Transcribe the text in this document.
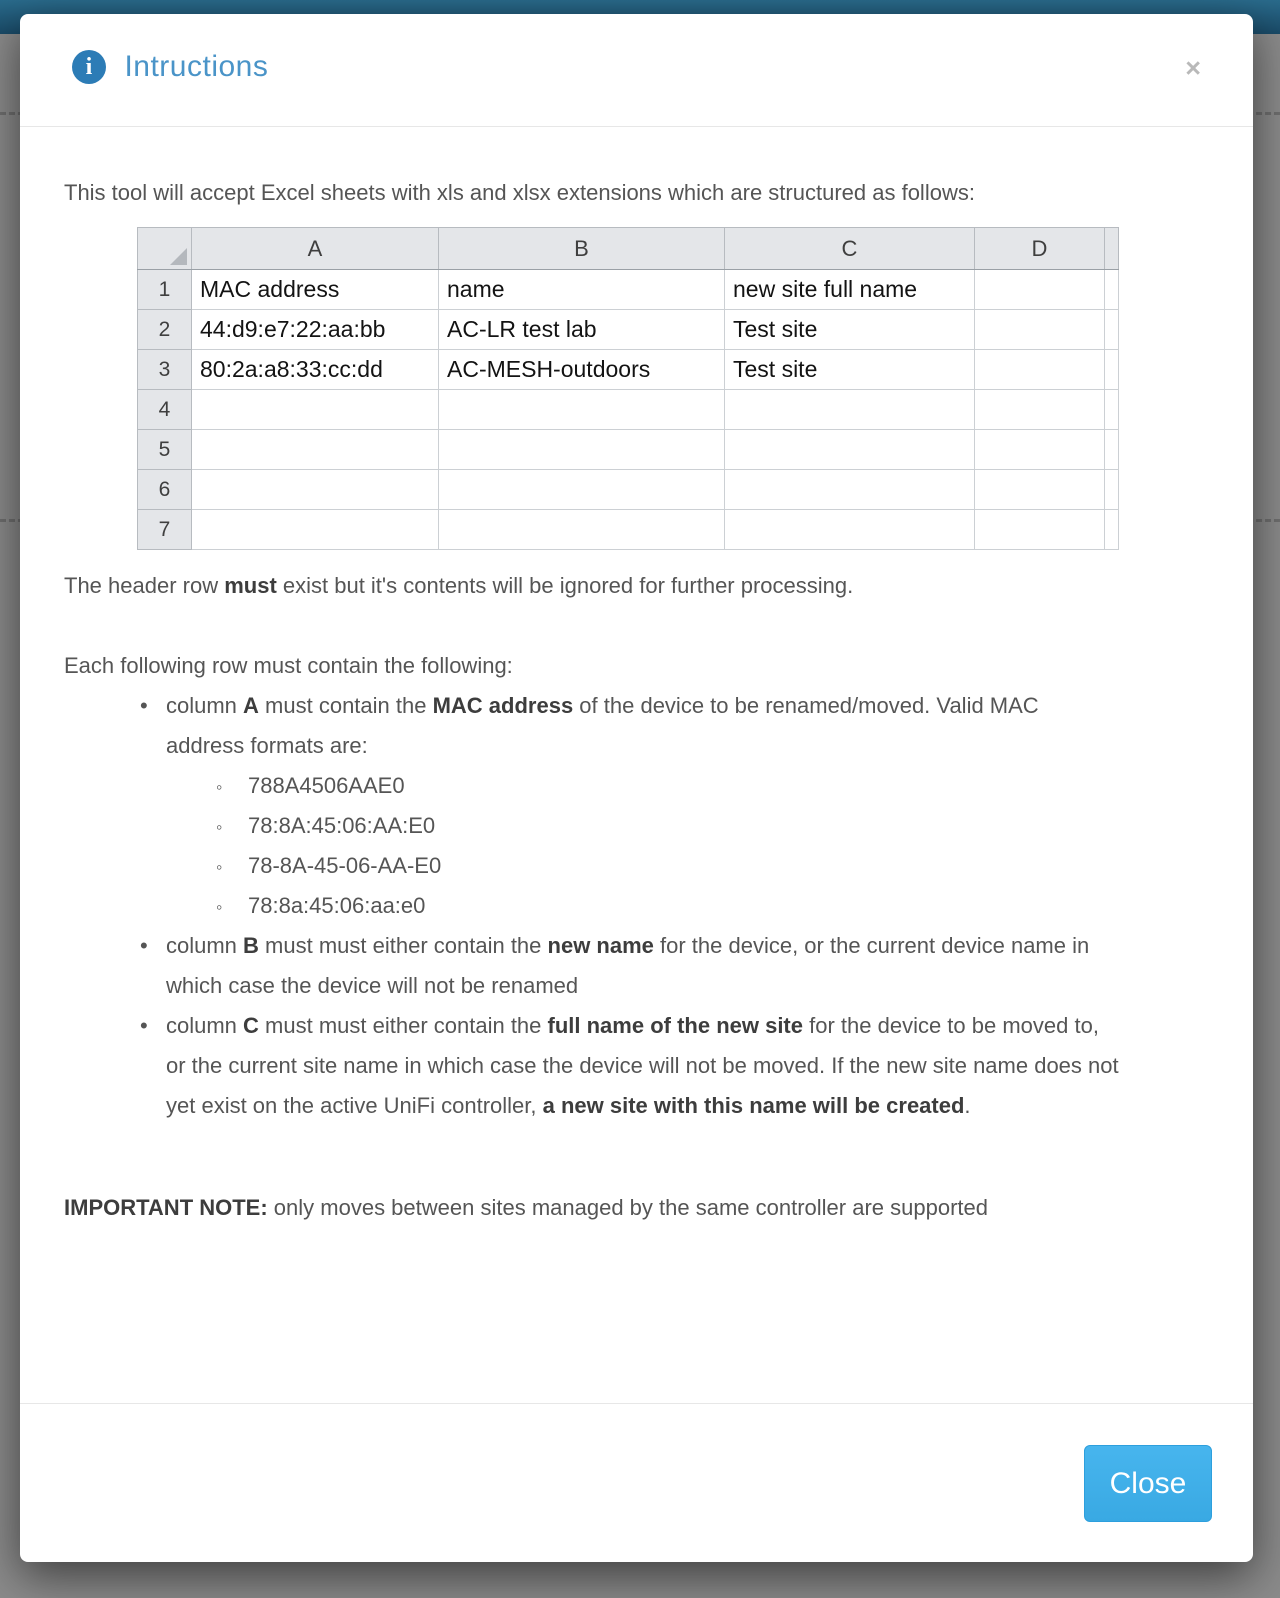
i Intructions	×

This tool will accept Excel sheets with xls and xlsx extensions which are structured as follows:

	A	B	C	D	
1	MAC address	name	new site full name		
2	44:d9:e7:22:aa:bb	AC-LR test lab	Test site		
3	80:2a:a8:33:cc:dd	AC-MESH-outdoors	Test site		
4					
5					
6					
7					

The header row must exist but it's contents will be ignored for further processing.

Each following row must contain the following:

• column A must contain the MAC address of the device to be renamed/moved. Valid MAC address formats are:
◦ 788A4506AAE0
◦ 78:8A:45:06:AA:E0
◦ 78-8A-45-06-AA-E0
◦ 78:8a:45:06:aa:e0
• column B must must either contain the new name for the device, or the current device name in which case the device will not be renamed
• column C must must either contain the full name of the new site for the device to be moved to, or the current site name in which case the device will not be moved. If the new site name does not yet exist on the active UniFi controller, a new site with this name will be created.

IMPORTANT NOTE: only moves between sites managed by the same controller are supported

Close
